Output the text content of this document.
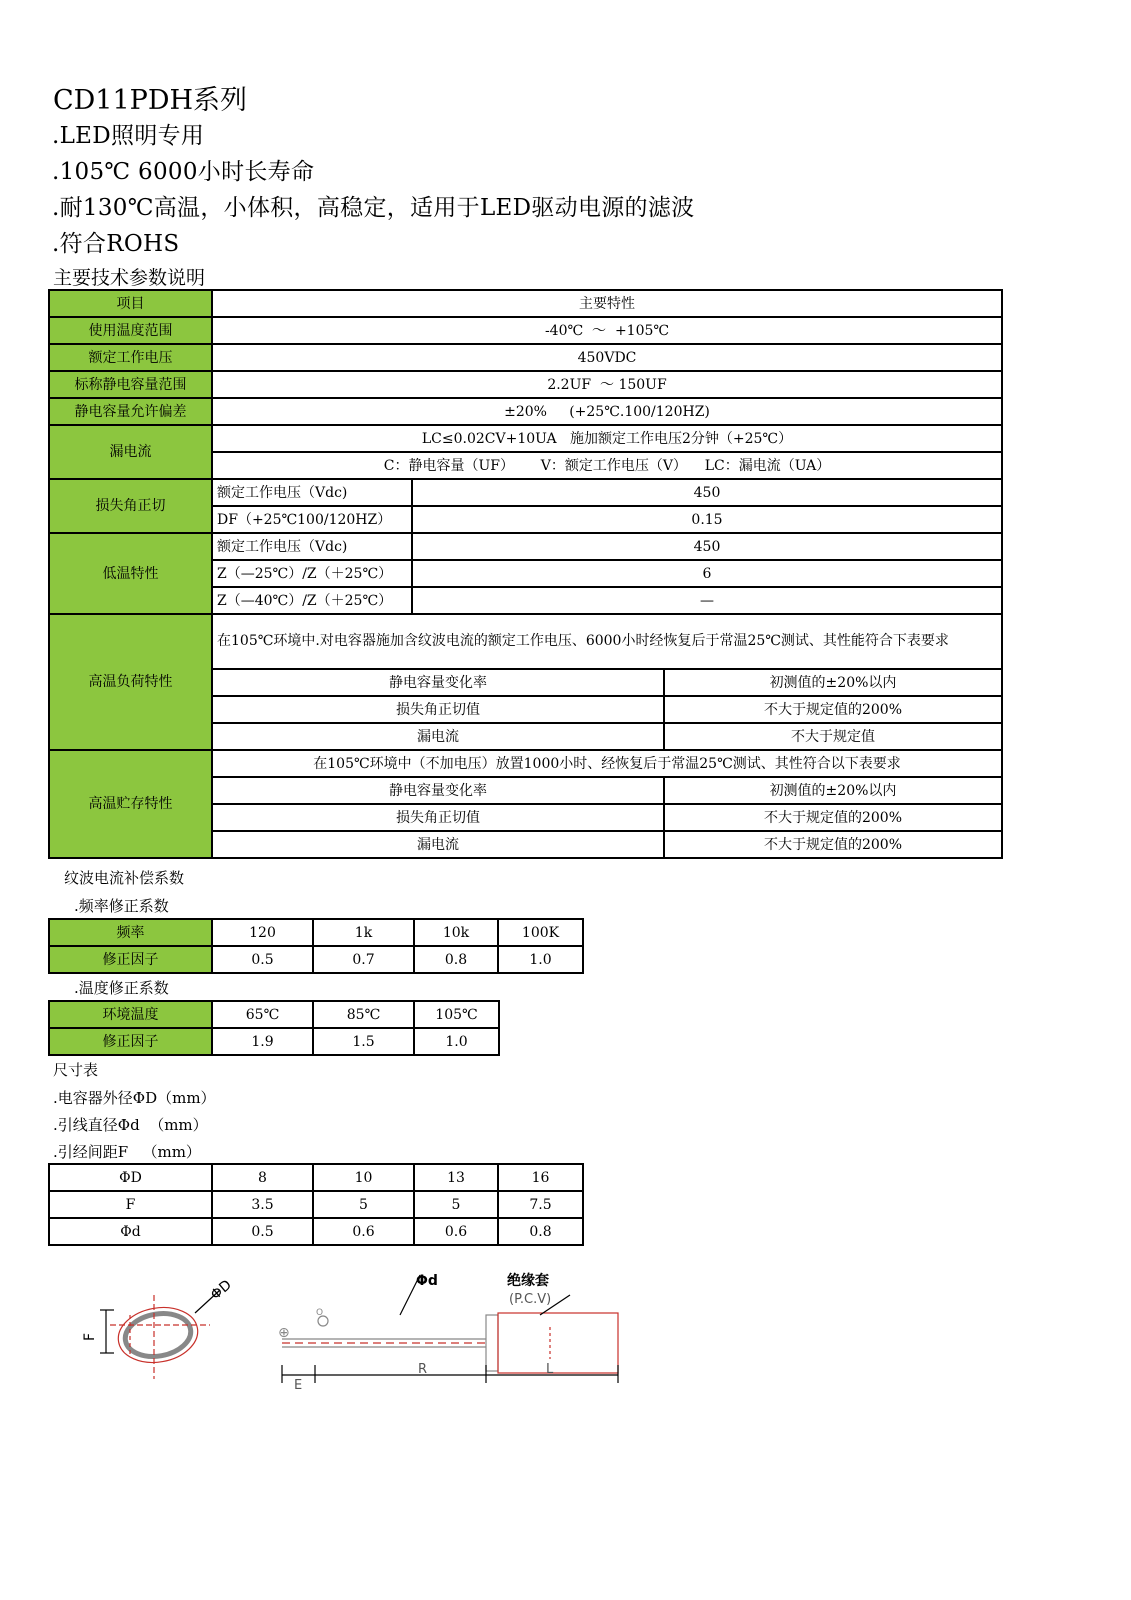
CD11PDH系列
.LED照明专用
.105℃ 6000小时长寿命
.耐130℃高温，小体积，高稳定，适用于LED驱动电源的滤波
.符合ROHS
主要技术参数说明
项目	主要特性		
使用温度范围	-40℃  ～  +105℃		
额定工作电压	450VDC		
标称静电容量范围	2.2UF  ～ 150UF		
静电容量允许偏差	±20%     (+25℃.100/120HZ)		
漏电流	LC≤0.02CV+10UA   施加额定工作电压2分钟（+25℃）		
	C：静电容量（UF）      V：额定工作电压（V）    LC：漏电流（UA）		
损失角正切	额定工作电压（Vdc)	450	
	DF（+25℃100/120HZ）	0.15	
低温特性	额定工作电压（Vdc)	450	
	Z（—25℃）/Z（＋25℃）	6	
	Z（—40℃）/Z（＋25℃）	—	
高温负荷特性	在105℃环境中.对电容器施加含纹波电流的额定工作电压、6000小时经恢复后于常温25℃测试、其性能符合下表要求		
	静电容量变化率		初测值的±20%以内
	损失角正切值		不大于规定值的200%
	漏电流		不大于规定值
高温贮存特性	在105℃环境中（不加电压）放置1000小时、经恢复后于常温25℃测试、其性符合以下表要求		
	静电容量变化率		初测值的±20%以内
	损失角正切值		不大于规定值的200%
	漏电流		不大于规定值的200%
纹波电流补偿系数
.频率修正系数
频率	120	1k	10k	100K
修正因子	0.5	0.7	0.8	1.0
.温度修正系数
环境温度	65℃	85℃	105℃
修正因子	1.9	1.5	1.0
尺寸表
.电容器外径ΦD（mm）
.引线直径Φd  （mm）
.引经间距F   （mm）
ΦD	8	10	13	16
F	3.5	5	5	7.5
Φd	0.5	0.6	0.6	0.8
F
ΦD
⊕
O
Φd	绝缘套
(P.C.V)
E
R	L
